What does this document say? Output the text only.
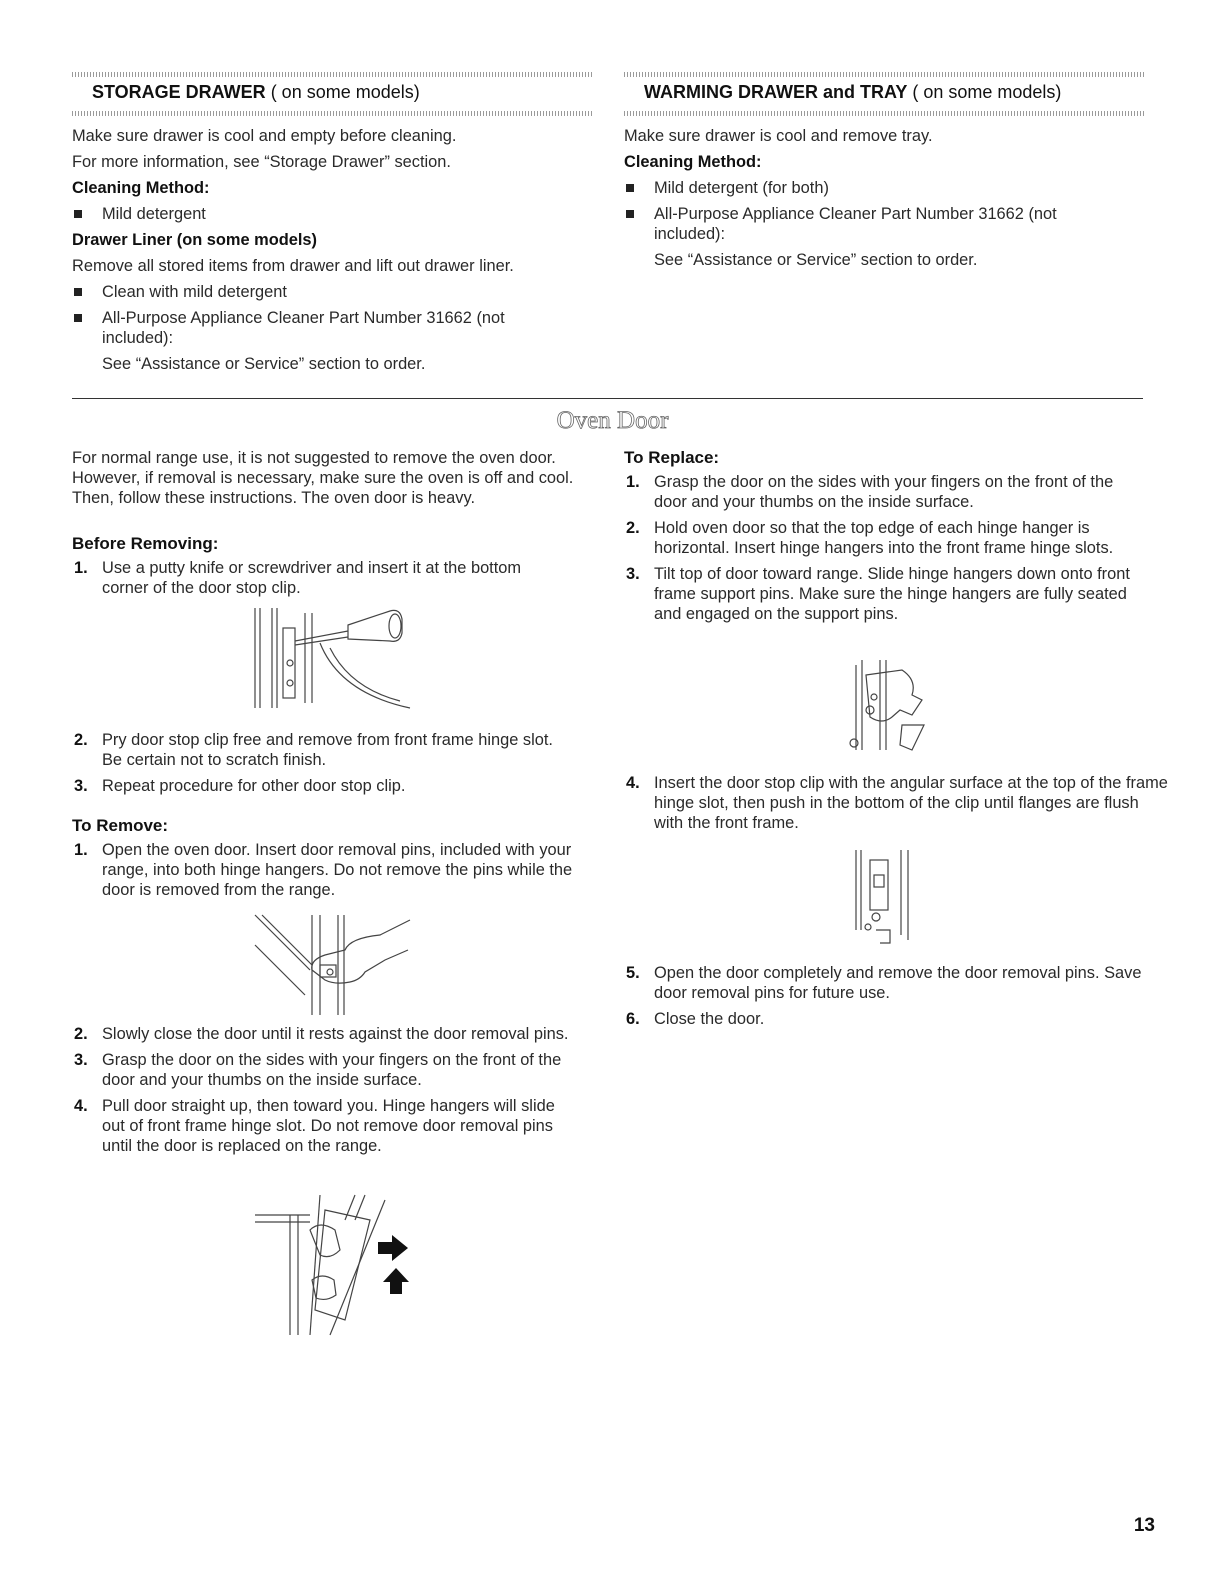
STORAGE DRAWER ( on some models)

Make sure drawer is cool and empty before cleaning.

For more information, see “Storage Drawer” section.

Cleaning Method:

Mild detergent

Drawer Liner (on some models)

Remove all stored items from drawer and lift out drawer liner.

Clean with mild detergent
All-Purpose Appliance Cleaner Part Number 31662 (not included):

See “Assistance or Service” section to order.

WARMING DRAWER and TRAY ( on some models)

Make sure drawer is cool and remove tray.

Cleaning Method:

Mild detergent (for both)
All-Purpose Appliance Cleaner Part Number 31662 (not included):

See “Assistance or Service” section to order.

Oven Door

For normal range use, it is not suggested to remove the oven door. However, if removal is necessary, make sure the oven is off and cool. Then, follow these instructions. The oven door is heavy.

Before Removing:

1. Use a putty knife or screwdriver and insert it at the bottom corner of the door stop clip.
2. Pry door stop clip free and remove from front frame hinge slot. Be certain not to scratch finish.
3. Repeat procedure for other door stop clip.

To Remove:

1. Open the oven door. Insert door removal pins, included with your range, into both hinge hangers. Do not remove the pins while the door is removed from the range.
2. Slowly close the door until it rests against the door removal pins.
3. Grasp the door on the sides with your fingers on the front of the door and your thumbs on the inside surface.
4. Pull door straight up, then toward you. Hinge hangers will slide out of front frame hinge slot. Do not remove door removal pins until the door is replaced on the range.

To Replace:

1. Grasp the door on the sides with your fingers on the front of the door and your thumbs on the inside surface.
2. Hold oven door so that the top edge of each hinge hanger is horizontal. Insert hinge hangers into the front frame hinge slots.
3. Tilt top of door toward range. Slide hinge hangers down onto front frame support pins. Make sure the hinge hangers are fully seated and engaged on the support pins.
4. Insert the door stop clip with the angular surface at the top of the frame hinge slot, then push in the bottom of the clip until flanges are flush with the front frame.
5. Open the door completely and remove the door removal pins. Save door removal pins for future use.
6. Close the door.
13
